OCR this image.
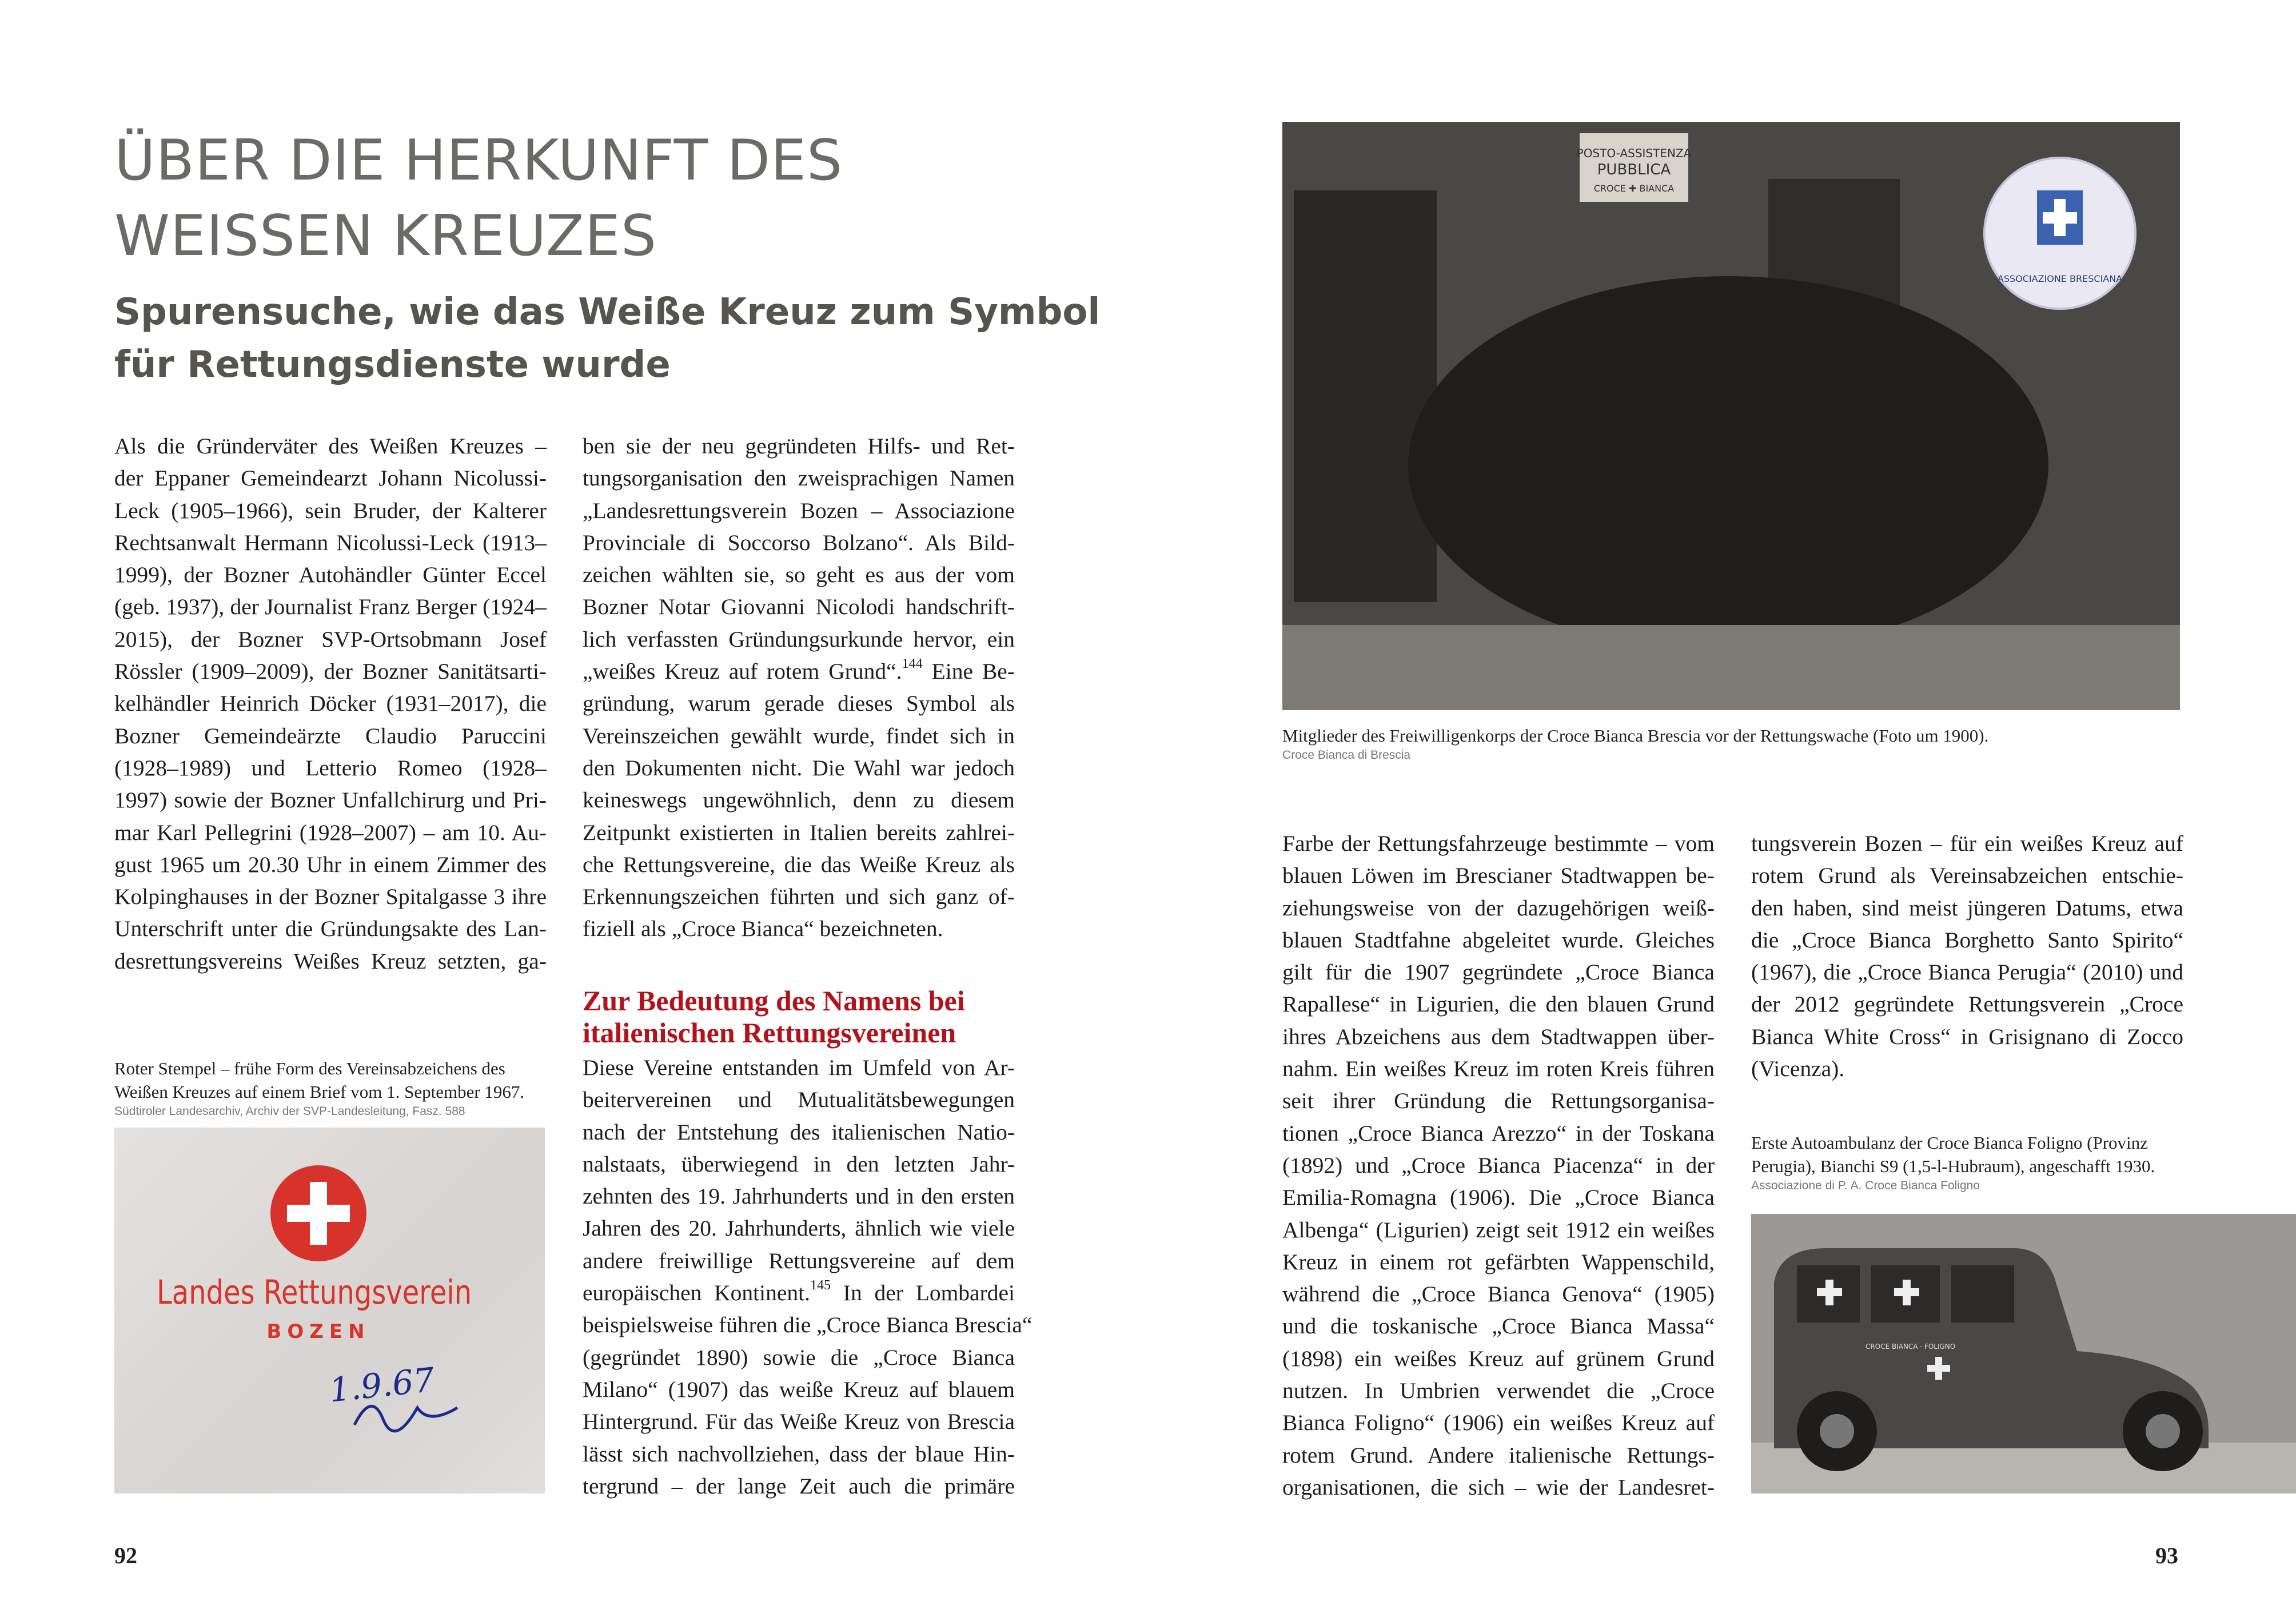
ÜBER DIE HERKUNFT DES
WEISSEN KREUZES
Spurensuche, wie das Weiße Kreuz zum Symbol
für Rettungsdienste wurde
Als die Gründerväter des Weißen Kreuzes –
der Eppaner Gemeindearzt Johann Nicolussi-
Leck (1905–1966), sein Bruder, der Kalterer
Rechtsanwalt Hermann Nicolussi-Leck (1913–
1999), der Bozner Autohändler Günter Eccel
(geb. 1937), der Journalist Franz Berger (1924–
2015), der Bozner SVP-Ortsobmann Josef
Rössler (1909–2009), der Bozner Sanitätsarti-
kelhändler Heinrich Döcker (1931–2017), die
Bozner Gemeindeärzte Claudio Paruccini
(1928–1989) und Letterio Romeo (1928–
1997) sowie der Bozner Unfallchirurg und Pri-
mar Karl Pellegrini (1928–2007) – am 10. Au-
gust 1965 um 20.30 Uhr in einem Zimmer des
Kolpinghauses in der Bozner Spitalgasse 3 ihre
Unterschrift unter die Gründungsakte des Lan-
desrettungsvereins Weißes Kreuz setzten, ga-
ben sie der neu gegründeten Hilfs- und Ret-
tungsorganisation den zweisprachigen Namen
„Landesrettungsverein Bozen – Associazione
Provinciale di Soccorso Bolzano“. Als Bild-
zeichen wählten sie, so geht es aus der vom
Bozner Notar Giovanni Nicolodi handschrift-
lich verfassten Gründungsurkunde hervor, ein
„weißes Kreuz auf rotem Grund“.$^{144}$ Eine Be-
gründung, warum gerade dieses Symbol als
Vereinszeichen gewählt wurde, findet sich in
den Dokumenten nicht. Die Wahl war jedoch
keineswegs ungewöhnlich, denn zu diesem
Zeitpunkt existierten in Italien bereits zahlrei-
che Rettungsvereine, die das Weiße Kreuz als
Erkennungszeichen führten und sich ganz of-
fiziell als „Croce Bianca“ bezeichneten.
Zur Bedeutung des Namens bei
italienischen Rettungsvereinen
Diese Vereine entstanden im Umfeld von Ar-
beitervereinen und Mutualitätsbewegungen
nach der Entstehung des italienischen Natio-
nalstaats, überwiegend in den letzten Jahr-
zehnten des 19. Jahrhunderts und in den ersten
Jahren des 20. Jahrhunderts, ähnlich wie viele
andere freiwillige Rettungsvereine auf dem
europäischen Kontinent.$^{145}$ In der Lombardei
beispielsweise führen die „Croce Bianca Brescia“
(gegründet 1890) sowie die „Croce Bianca
Milano“ (1907) das weiße Kreuz auf blauem
Hintergrund. Für das Weiße Kreuz von Brescia
lässt sich nachvollziehen, dass der blaue Hin-
tergrund – der lange Zeit auch die primäre
Roter Stempel – frühe Form des Vereinsabzeichens des
Weißen Kreuzes auf einem Brief vom 1. September 1967.
Südtiroler Landesarchiv, Archiv der SVP-Landesleitung, Fasz. 588
Landes Rettungsverein
BOZEN
1.9.67
92
POSTO-ASSISTENZA
PUBBLICA
CROCE ✚ BIANCA
ASSOCIAZIONE BRESCIANA
Mitglieder des Freiwilligenkorps der Croce Bianca Brescia vor der Rettungswache (Foto um 1900).
Croce Bianca di Brescia
Farbe der Rettungsfahrzeuge bestimmte – vom
blauen Löwen im Brescianer Stadtwappen be-
ziehungsweise von der dazugehörigen weiß-
blauen Stadtfahne abgeleitet wurde. Gleiches
gilt für die 1907 gegründete „Croce Bianca
Rapallese“ in Ligurien, die den blauen Grund
ihres Abzeichens aus dem Stadtwappen über-
nahm. Ein weißes Kreuz im roten Kreis führen
seit ihrer Gründung die Rettungsorganisa-
tionen „Croce Bianca Arezzo“ in der Toskana
(1892) und „Croce Bianca Piacenza“ in der
Emilia-Romagna (1906). Die „Croce Bianca
Albenga“ (Ligurien) zeigt seit 1912 ein weißes
Kreuz in einem rot gefärbten Wappenschild,
während die „Croce Bianca Genova“ (1905)
und die toskanische „Croce Bianca Massa“
(1898) ein weißes Kreuz auf grünem Grund
nutzen. In Umbrien verwendet die „Croce
Bianca Foligno“ (1906) ein weißes Kreuz auf
rotem Grund. Andere italienische Rettungs-
organisationen, die sich – wie der Landesret-
tungsverein Bozen – für ein weißes Kreuz auf
rotem Grund als Vereinsabzeichen entschie-
den haben, sind meist jüngeren Datums, etwa
die „Croce Bianca Borghetto Santo Spirito“
(1967), die „Croce Bianca Perugia“ (2010) und
der 2012 gegründete Rettungsverein „Croce
Bianca White Cross“ in Grisignano di Zocco
(Vicenza).
Erste Autoambulanz der Croce Bianca Foligno (Provinz
Perugia), Bianchi S9 (1,5-l-Hubraum), angeschafft 1930.
Associazione di P. A. Croce Bianca Foligno
CROCE BIANCA · FOLIGNO
93
